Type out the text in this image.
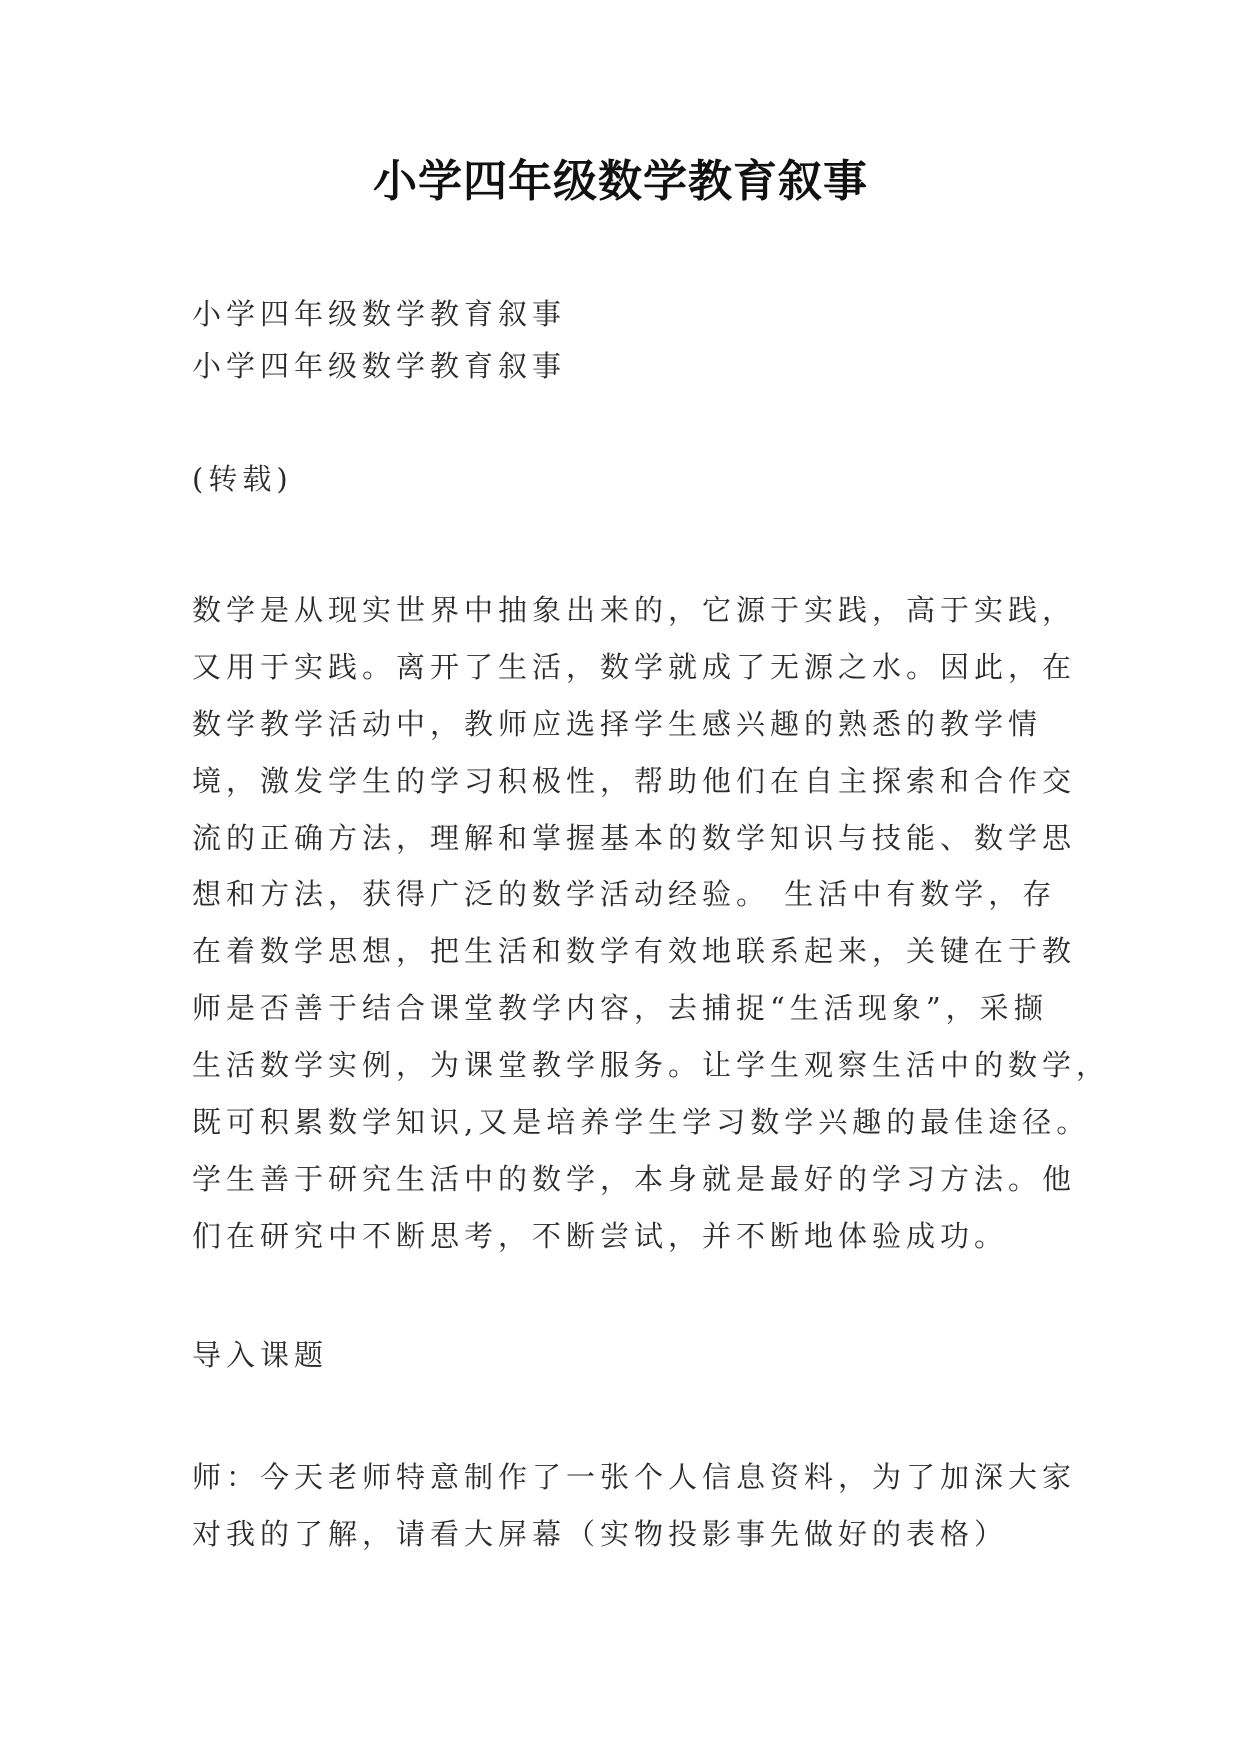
小学四年级数学教育叙事
小学四年级数学教育叙事
小学四年级数学教育叙事
(转载)
数学是从现实世界中抽象出来的，它源于实践，高于实践，
又用于实践。离开了生活，数学就成了无源之水。因此，在
数学教学活动中，教师应选择学生感兴趣的熟悉的教学情
境，激发学生的学习积极性，帮助他们在自主探索和合作交
流的正确方法，理解和掌握基本的数学知识与技能、数学思
想和方法，获得广泛的数学活动经验。 生活中有数学，存
在着数学思想，把生活和数学有效地联系起来，关键在于教
师是否善于结合课堂教学内容，去捕捉“生活现象”，采撷
生活数学实例，为课堂教学服务。让学生观察生活中的数学，
既可积累数学知识,又是培养学生学习数学兴趣的最佳途径。
学生善于研究生活中的数学，本身就是最好的学习方法。他
们在研究中不断思考，不断尝试，并不断地体验成功。
导入课题
师：今天老师特意制作了一张个人信息资料，为了加深大家
对我的了解，请看大屏幕（实物投影事先做好的表格）
